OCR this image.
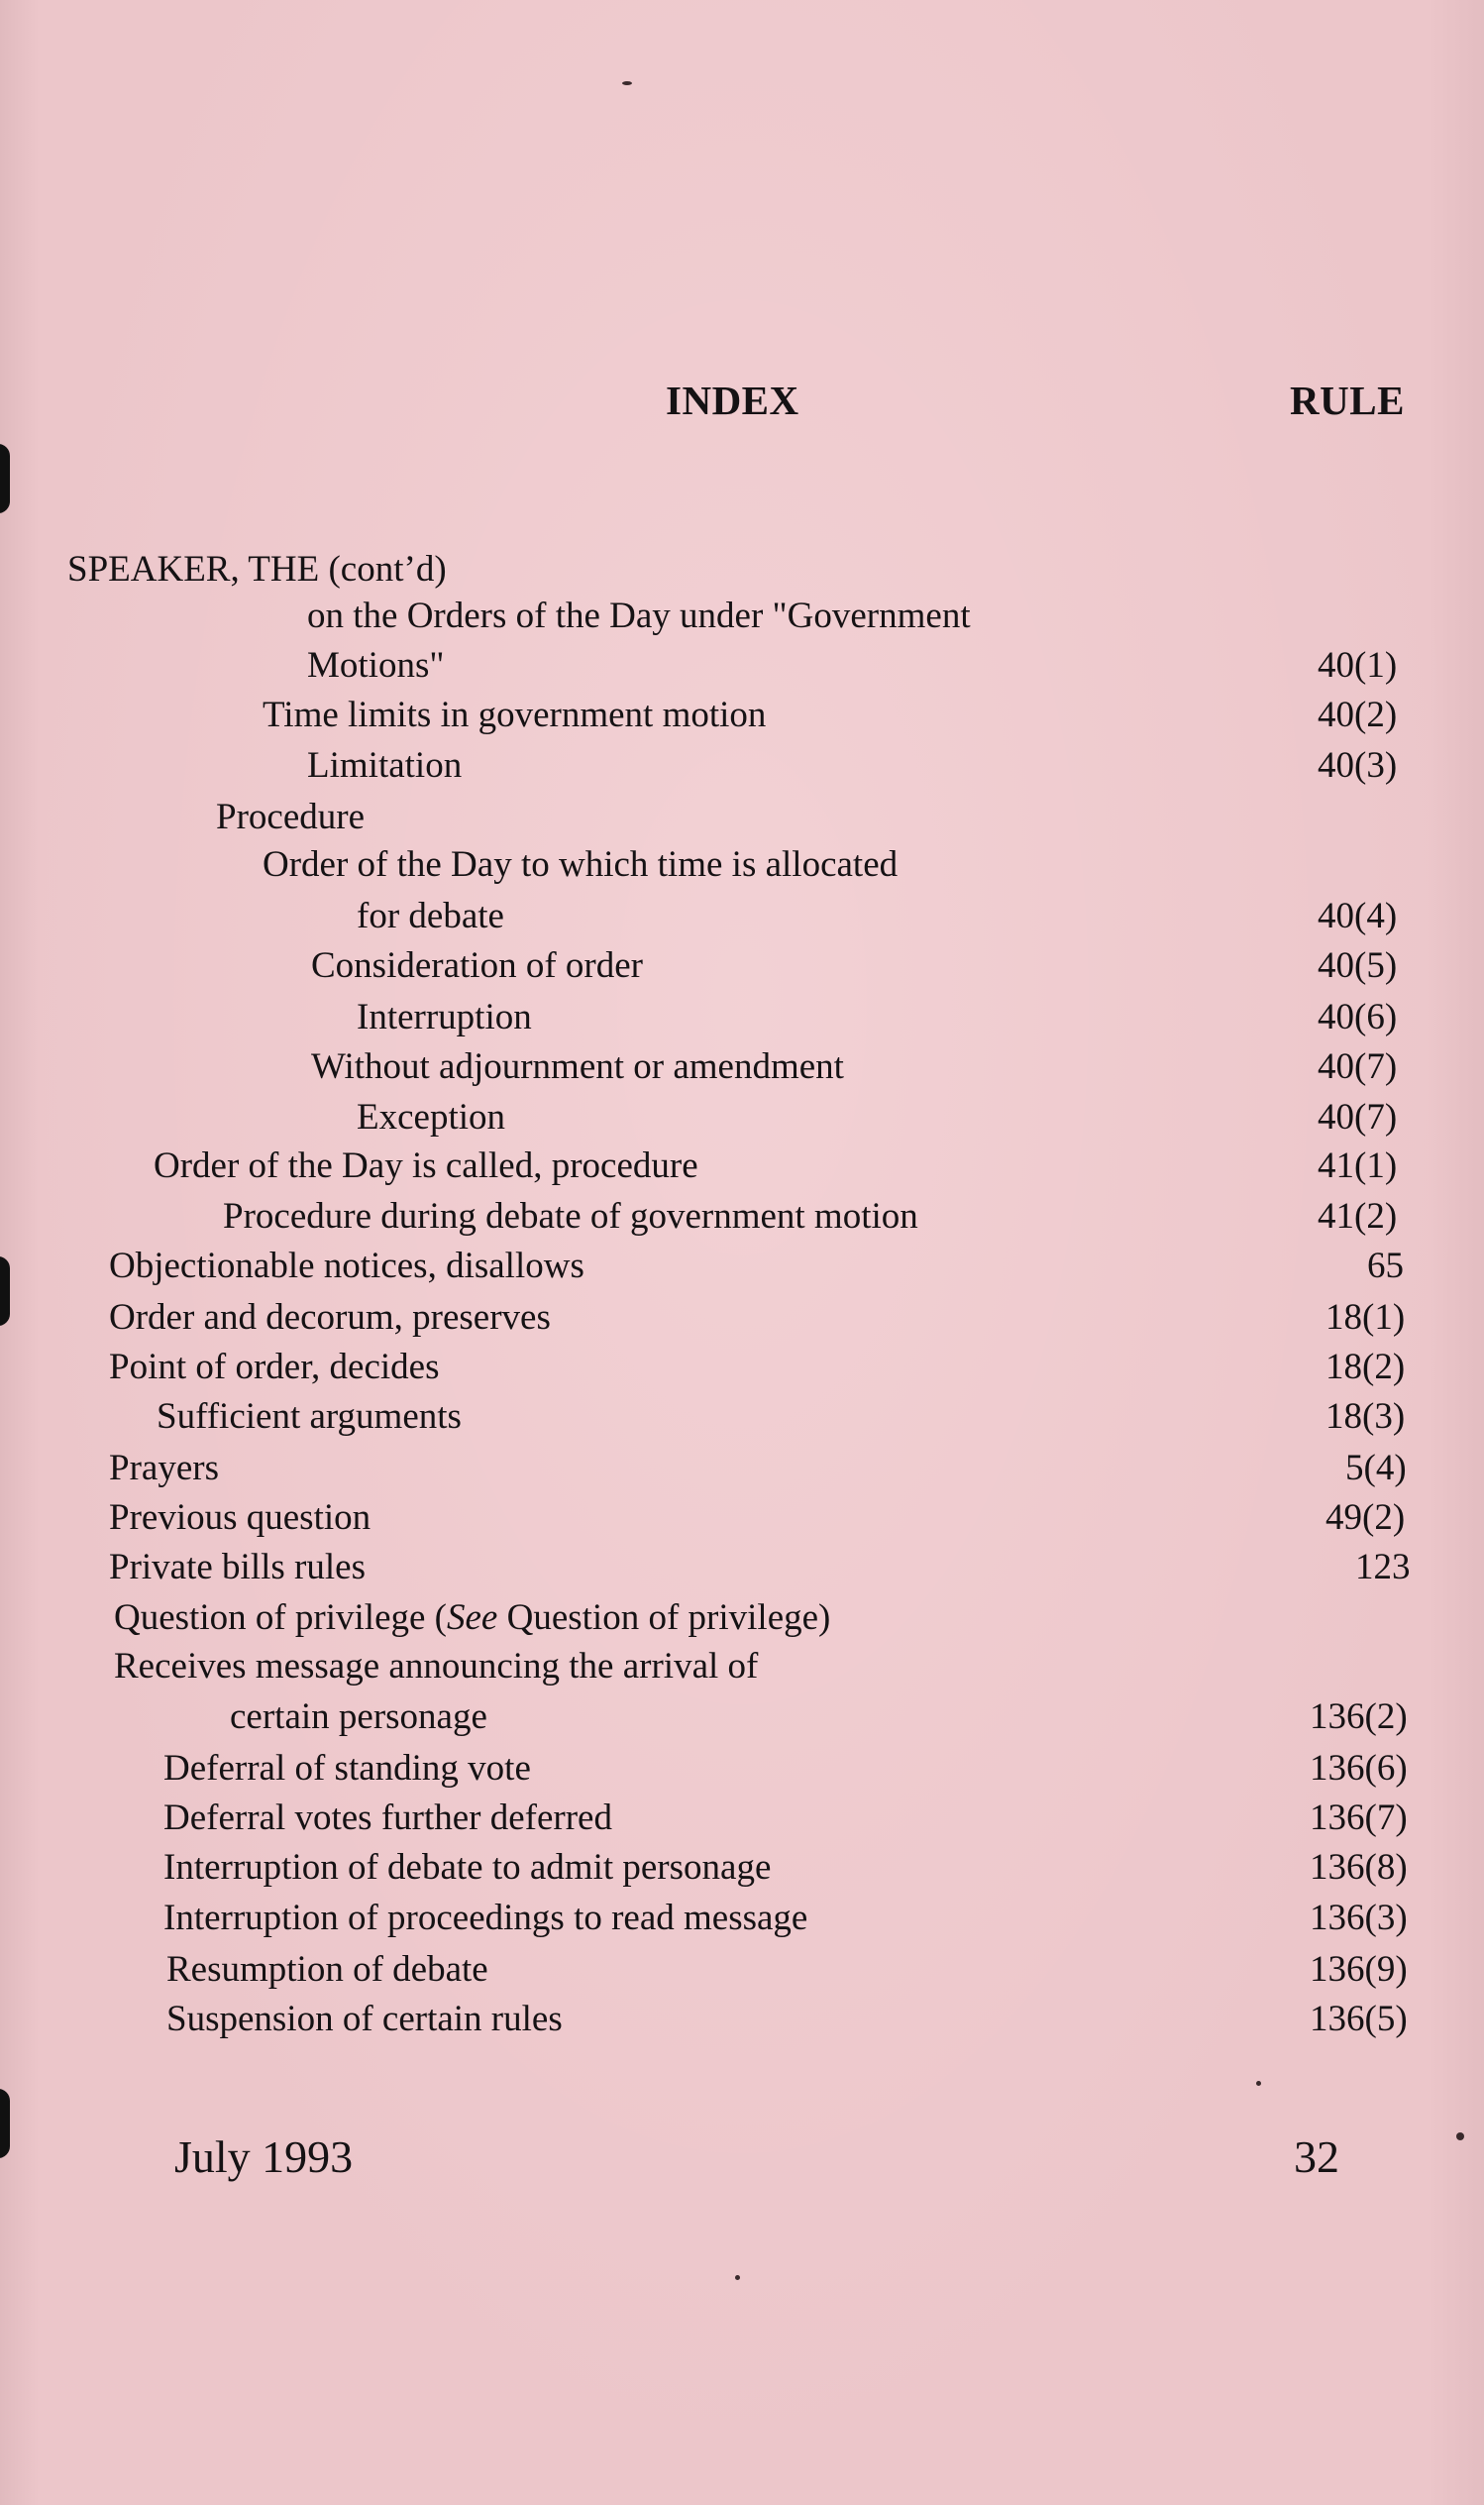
INDEX	RULE
SPEAKER, THE (cont’d)
on the Orders of the Day under "Government
Motions"	40(1)
Time limits in government motion	40(2)
Limitation	40(3)
Procedure
Order of the Day to which time is allocated
for debate	40(4)
Consideration of order	40(5)
Interruption	40(6)
Without adjournment or amendment	40(7)
Exception	40(7)
Order of the Day is called, procedure	41(1)
Procedure during debate of government motion	41(2)
Objectionable notices, disallows	65
Order and decorum, preserves	18(1)
Point of order, decides	18(2)
Sufficient arguments	18(3)
Prayers	5(4)
Previous question	49(2)
Private bills rules	123
Question of privilege (See Question of privilege)
Receives message announcing the arrival of
certain personage	136(2)
Deferral of standing vote	136(6)
Deferral votes further deferred	136(7)
Interruption of debate to admit personage	136(8)
Interruption of proceedings to read message	136(3)
Resumption of debate	136(9)
Suspension of certain rules	136(5)
July 1993	32
